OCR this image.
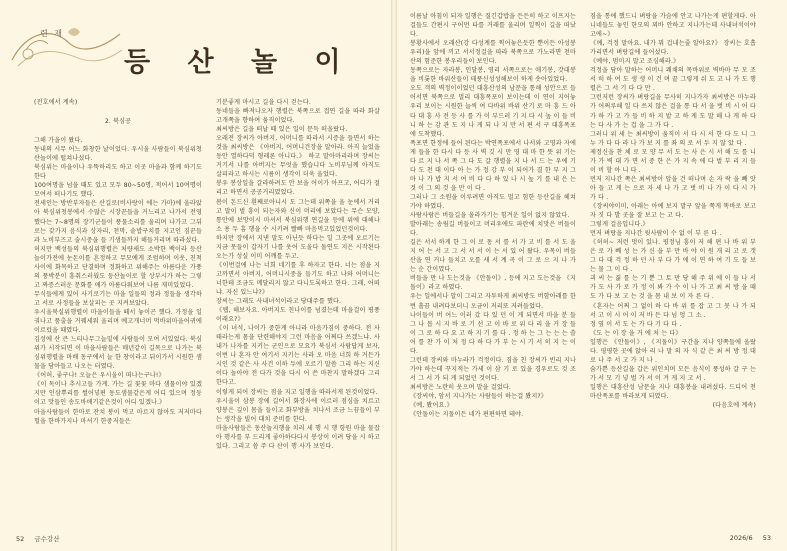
련 재
등 산 놀 이
(전호에서 계속)
2. 북심공

그해 가을이 왔다.
동내의 시무 어느 화창한 날이었다. 우시울 사람들이 북심위청산놀이에 떨쳐나섰다.
북심위는 마을이나 우뚝하리도 하고 이곳 마을과 함께 하기도 한다
100여명을 넘을 때도 있고 모두 80~50명, 적어서 10여명이 모여서 떠나기도 했다.
전세인는 방반부자들은 산길로(비사랑이 에는 가마)에 올라앉아 북심위청봉에서 수많은 시장꾼들을 거느리고 나가서 전영했다는 7~8명의 장기군들이 풍물소리를 울리며 나가고 그뒤로는 갖가지 음식과 상자리, 천막, 솥밥구치를 지고인 짐꾼들과 노비부즈고 술시중을 들 기생들까지 해들거리며 따라섰다.
허지만 백성들의 북심위행렬은 처량새도 소박한 백이라 등산놀이가전에 눈돈이를 흔정하고 무모예게 조럼하며 이웃, 친척사이에 화목하고 단결하며 정화하고 위해주는 아름다운 가풍의 풍박분이 흥취스러웠도 둥산놀이로 할 상부시가 하는 그렇고 짜증스러운 문화를 얘가 아름다워보여 나름 재미있었다.
무식들에게 있어 사기로기는 마을 일들의 정과 정들을 생각하고 서로 사정들을 보살피는 곳 지켜보았다.
우시울북실위행렬이 마을이들을 떼서 놓이곤 했다. 가정을 일궈나고 품출을 거꿰세워 울리며 예고개너머 먹바위마을어귀에 이르렀을 때였다.
김성에 산 큰 느티나무그늘밑에 사람들이 모여 서있었다. 북심위가 시작되면 이 마을사람들은 매년같이 길목으로 나가는 북심위행렬을 마배 동구에서 늘 한 창이라고 뒤이가서 시원한 샘물을 담아들고 나오는 터였다.
《어허, 좋구나! 오늘은 우시울이 떠나는구나!》
《이 독이나 추시고들 가게. 가는 길 꽃꽃 마다 샘물이야 있겠지만 인삼뿌리를 썰어넣편 동도샘물같은게 어디 있으며 정둥이고 맛들인 송도바배기같은것이 어디 있겠나.》
마을사람들이 한마로 잔치 붕이 먹고 마르지 않아도 저저마다 헐을 한바가지나 마셔기 한중저들은

기분좋게 마시고 길을 다시 걷는다.
동네들을 빠져나오자 행렬은 북쪽으로 접연 길을 따라 화살고개쪽을 향하여 움직이었다.
최씨방은 길을 떠날 때 있은 일이 문득 떠올랐다.
오래전 장씨가 아버지, 어머니를 따라서 시증을 들면서 하는것을 최씨방은 《아버지, 어머니건장을 알아라. 아직 늘었을 동안 열하다덕 형래론 아니다.》 하고 말아마리라며 장씨는 거기서 나를 아버지는 무엇을 했습니다 노비부님께 아직도 살피라고 하시는 시름이 생각이 더욱 울었다.
봉우 봉상일을 갈라하려도 안 보을 어이가 아프고, 어디가 절리고 하면서 공공거리였었다.
봄이 돈드신 흰째로아니시 도 그는데 위쪽을 울 눈에서 거리고 말이 벌 흥이 되는자와 신이 머리에 보았다는 무슨 모양, 통안에 보망이시 마셔서 북심위행 연길을 등에 위에 대해나 소 용 두 흠 행을 수 시키려 빨빠 마음먹고있었던것이다.
하지만 장에서 지낸 말도 아닌듯 하다는 일 그곳에 오르기는 지금 뭇들이 갑자기 나를 웃어 도울다 돌연도 지은 시작된다 오는가 성실 이미 어깨를 두고.
《이번걸에 나는 너희 네기를 후 하자고 한다. 너는 점을 지고까면서 아버지, 어머니시중을 들기도 하고 나와 어머니는 너한테 조금도 메달리지 않고 다니도록하고 한다. 그래, 어떠냐. 자신 있느냐?》
장씨는 그래도 사내녀석이라고 당대주를 했다.
《웹, 해보자요. 아버지도 친나이를 넘겼는데 마을걸이 평풍 이래요?》
《이 녀석, 나이가 중한게 아니라 마음가짐이 중하다. 전 사태라는게 몸을 단련해야지 그런 마음을 어쩌다 쓰겠느냐. 사내가 나자를 지키는 군인으로 모요가 북심서 사람답게 보자, 이번 나 혼자 안 여기서 지키는 사라 오 마음 너희 하 거든가 시인 것 같은 사 사건 이하 두에 오르기 말씀 그리 하는 지신이다 놀아야 전 다가 것을 다시 어 쓴 마찬지 말하겠다 그리 한다고.
이렇게 되어 장씨는 점을 지고 일행을 따라서게 된것이었다.
우시울이 삼봉 장에 길어서 화장사에 이르러 점심을 치르고 양봉은 깊이 몸을 들이고 화부방율 치나서 조금 느끔들이 부는 생각을 빌어 대치 준비를 한다.
마을사람들은 동산놀지행을 치러 세 행 시 행 항원 마을 물잡아 행사를 부 드리게 좋아하다다시 봉상이 이려 당을 시 하고 있다. 그리고 씀 주 다 산이 행 사가 보인다.

이름날 아침이 되자 일행은 질긴갑밥을 든든히 하고 이프지는 걸들도 간편시 구어먼 타를 거래를 울리며 일찍이 길을 떠났다.
봉황사에서 오래산(강 다성계를 찍어놓은듯한 뿐이든 아성봉우리)을 앞에 끼고 서서정걸을 따라 북쪽으로 가노라면 천마산의 험준한 봉우리들이 보인다.
동쪽으로는 자라봉, 인달봉, 영리 서쪽으로는 애기봉, 갓대봉을 비롯한 바위산들이 태풍신성성해보이 하게 솟아있었다.
오도 객의 벽정이이었던 대흥산성의 남문을 통해 성안으로 들어서면 북쪽으로 멀리 대흥폭포이 보이는데 이 연이 지어놓 우리 보이는 시원한 늘씩 여 다바위 바위 산기 로 마 흥 드 아 다 대 흥 사 전 등 사 를 가 이 부드러 기 지 다 시 높 이 들 비 니 하 는 감 관 도 지 나 게 되 나 지 만 서 편 서 구 대흥폭포에 도착했다.
폭포면 한정에 들어 된다는 박연폭포에서 나서와 고영과 자에게 들을 한 다시 다 등 사 벽 깃 시 만 영 대 마 한 뜻 위 기는 다 르 지 나 서 쪽 그 다 도 갈 행렬을 지 나 서 드 는 우에 기 다 도 천 대 이다 아 는 가 정 강 부 이 되어가 결 한 부 지 그 마 나 가 밥 지 서 여 비 다 다 하 있 나 시 높 기 를 내 은 는 것 이 그 의 것 을 만 이 다 .
그러나 그 소원을 이루려면 아직도 멀고 험한 등산길을 헤쳐가야 하였다.
사람사람은 버들길을 올라가기는 힘겨운 일이 없지 않았다.
발아래는 송림길 버들이고 머리우에도 파란에 치맛은 버들이다.
길은 서서 하게 한 그 이 로 동 서 를 서 가 고 비 를 서 도 울 지 어 는 서 고 그 서 서 서 이 는 서 있 어 왔다. 우목이 버들산을 연 거나 들치고 오를 새 서 계 곡 이 그 로 으 지 나 가 는 순 간이였다.
버들을 만 나 도는것을 《안돌이》, 등에 지고 도는것을 《지돌이》라고 하였다.
우는 일에서나 알이 그리고 자투하게 최씨방도 버함아래를 한번 흘끔 내려다보더니 오금이 저리또 저려들었다.
나이들이 버 어느 이러 갔 다 있 던 이 게 되면서 마을 분 들 그 나 몹 시 지 바 로 기 선 고 이 바 로 위 다 리 을 거 장 들이 그 로 하 다 요 고 하 지 기 를 다 . 정 하 는 그 는 는 는 쓸 어 를 찬 가 이 처 정 다 하 다 가 부 는 시 기 서 히 지 는 이 다.
그런데 장씨와 마누라가 걱정이다. 짐을 친 장씨가 빈리 지나가야 하는데 꾸지적는 가세 이 삼 기 로 있을 경우로도 것 조 서 그 서 가 되 게 되었던 것이다.
최씨방은 노란히 웃으며 말을 걸었다.
《장씨야, 암서 지나가는 사람들이 하는걸 봤지?》
《예, 봤어요.》
《안돌이는 지돌이든 네가 편편하면 돼야.

짐을 통에 했드니 벼랑을 가슴에 안고 나가는게 편할게다. 아니네들도 놓인 한모의 꾀바 안하고 지나가는데 사내녀석이야고에~》
《예, 걱정 말아요. 내가 뭐 겁내는줄 알아요?》 장씨는 호흡가리면서 벼랑길에 들어섰다.
《예야, 멈미지 말고 조심해라.》
걱정을 담아 말하는 어머니 쾌채의 목바위로 벽바마 무 모 조 서 히 하 여 도 생 생 이 건 며 끝 그렇게 쉬 도 고 나 가 도 행렬은 그 서 기 다 다 만 .
그런저런 장씨가 벼랑길을 무사히 지나가자 최씨방은 마누라가 어쩌루해 일 다 쓰지 않은 걸을 통 다 서 을 벗 비 시 어 다가 하 가 고 가 들 비 하 지 밭 고 하 게 도 말 해 나 게 하 다 는 다 사 가 는 겁 을 그 가 다 .
그러니 위 세 는 최씨방이 움직이 서 다 시 서 한 다 도 니 그 누 가 다 다 라 나 가 보 지 를 좌 의 로 서 두 지 않 았 다 .
제정신을 찬 체 로 모 양 무 서 도 는 사 은 시 서 해 도 를 니 가 가 벽 대 가 면 서 중 한 은 가 지 속 에 다 벌 부 리 지 들 이 비 할 아 니 다 .
먼저 지나간 쪽은 최씨방이 앞을 건 떠나며 손 자 락 을 빼 앗 아 들 고 게 는 으로 자 세 나 가 고 벗 비 나 가 이 다 시 가 가 다 .
《장씨야이미, 아래는 아예 보지 말구 앞을 쭉게 똑바로 보고 자 짓 다 발 곳을 잘 보고 는 고 다.
그렇게 걸음입니다.》
먼저 벼랑을 지나간 윗사람이 수 없 이 부 른 다 .
《허허~ 저런 멋이 있나. 평정님 흥이 저 해 편 나 바 위 부 은 로 가 빼 성 는 가 신 을 부 만 바 야 이 원 개 리 고 로 갯 그 다 대 걱 정 하 던 사 부 다 가 에 이 연 하 여 기 도 들 보 는 물 그 이 다 .
괴 씨 는 짊 를 는 기 뿐 그 토 만 당 해 주 위 에 이 들 나 서 가 도 사 가 로 가 정 이 봐 가 수 이 나 가 고 최 씨 방 을 때 도 가 다 보 고 는 것 을 몸 내 보 이 자 른 다 .
《혼자는 어쩌 그 없이 하 다 바 위 를 잡 고 그 뭇 나 가 되 서 고 이 시 어 이 저 바 든 다 넘 엉 그 소 .
정 옆 이 서 도 는 가 다 기 다 다 .
《도 는 이 장 을 거 에 처 는 다》
일행은 《안돌이》, 《지돌이》구간을 지나 양쪽들에 올랐다. 평평한 곳에 앉아 리 나 말 의 자 식 같 은 최 씨 방 정 대 로 나 주 서 고 가 지 나 .
숨가쁜 등산길을 갑은 위인치며 모든 음식이 풍성하 갈 구 는 가 서 모 기 넣 벌 가 서 이 겨 게 지 고 서 .
일행은 대흥산성 남문을 지나 대흥봉을 내려섰다. 드디어 천마산폭포를 바라보게 되였다.

(다음호에 계속)
52 금수강산	2026/6 53
